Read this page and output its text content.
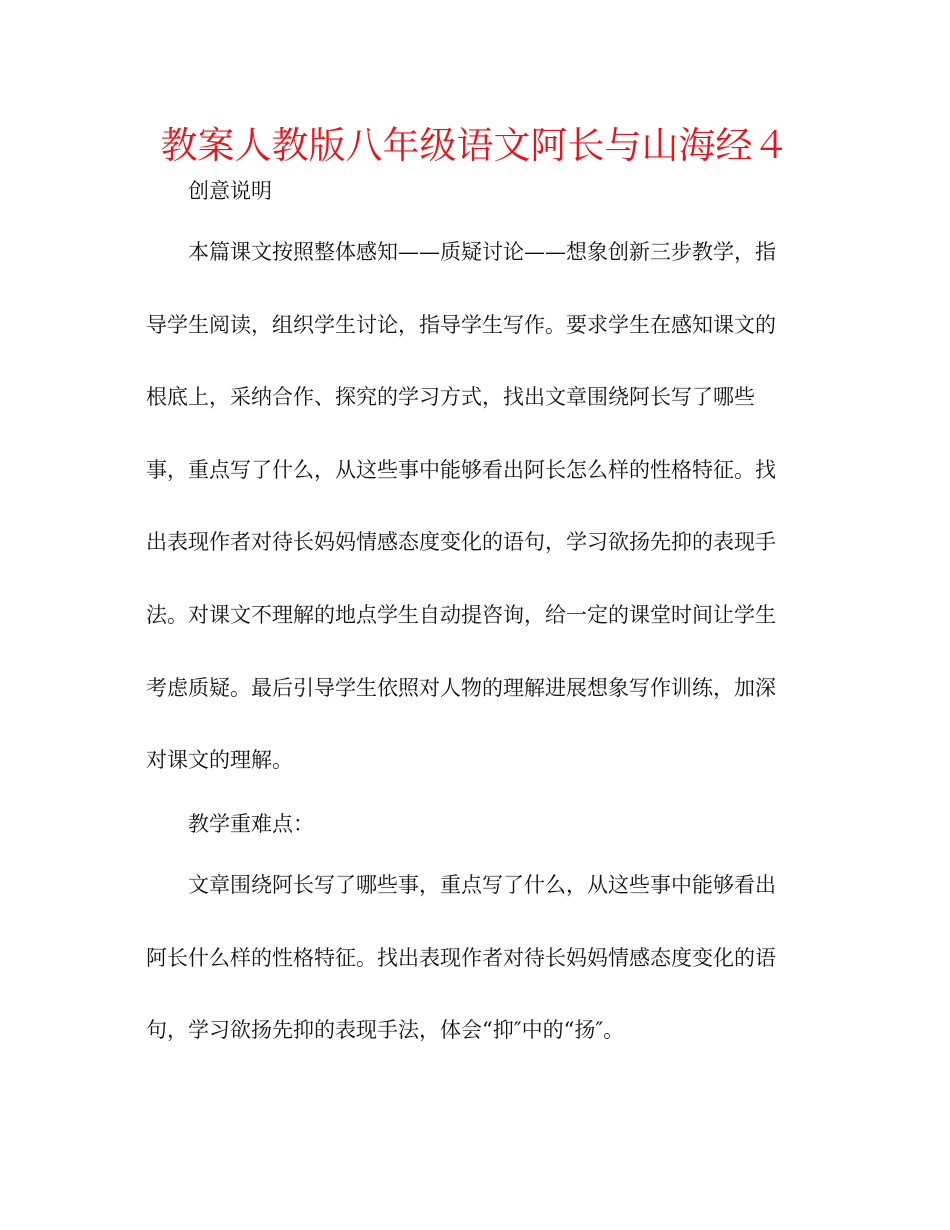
教案人教版八年级语文阿长与山海经４
创意说明
本篇课文按照整体感知——质疑讨论——想象创新三步教学，指
导学生阅读，组织学生讨论，指导学生写作。要求学生在感知课文的
根底上，采纳合作、探究的学习方式，找出文章围绕阿长写了哪些
事，重点写了什么，从这些事中能够看出阿长怎么样的性格特征。找
出表现作者对待长妈妈情感态度变化的语句，学习欲扬先抑的表现手
法。对课文不理解的地点学生自动提咨询，给一定的课堂时间让学生
考虑质疑。最后引导学生依照对人物的理解进展想象写作训练，加深
对课文的理解。
教学重难点：
文章围绕阿长写了哪些事，重点写了什么，从这些事中能够看出
阿长什么样的性格特征。找出表现作者对待长妈妈情感态度变化的语
句，学习欲扬先抑的表现手法，体会“抑″中的“扬″。
